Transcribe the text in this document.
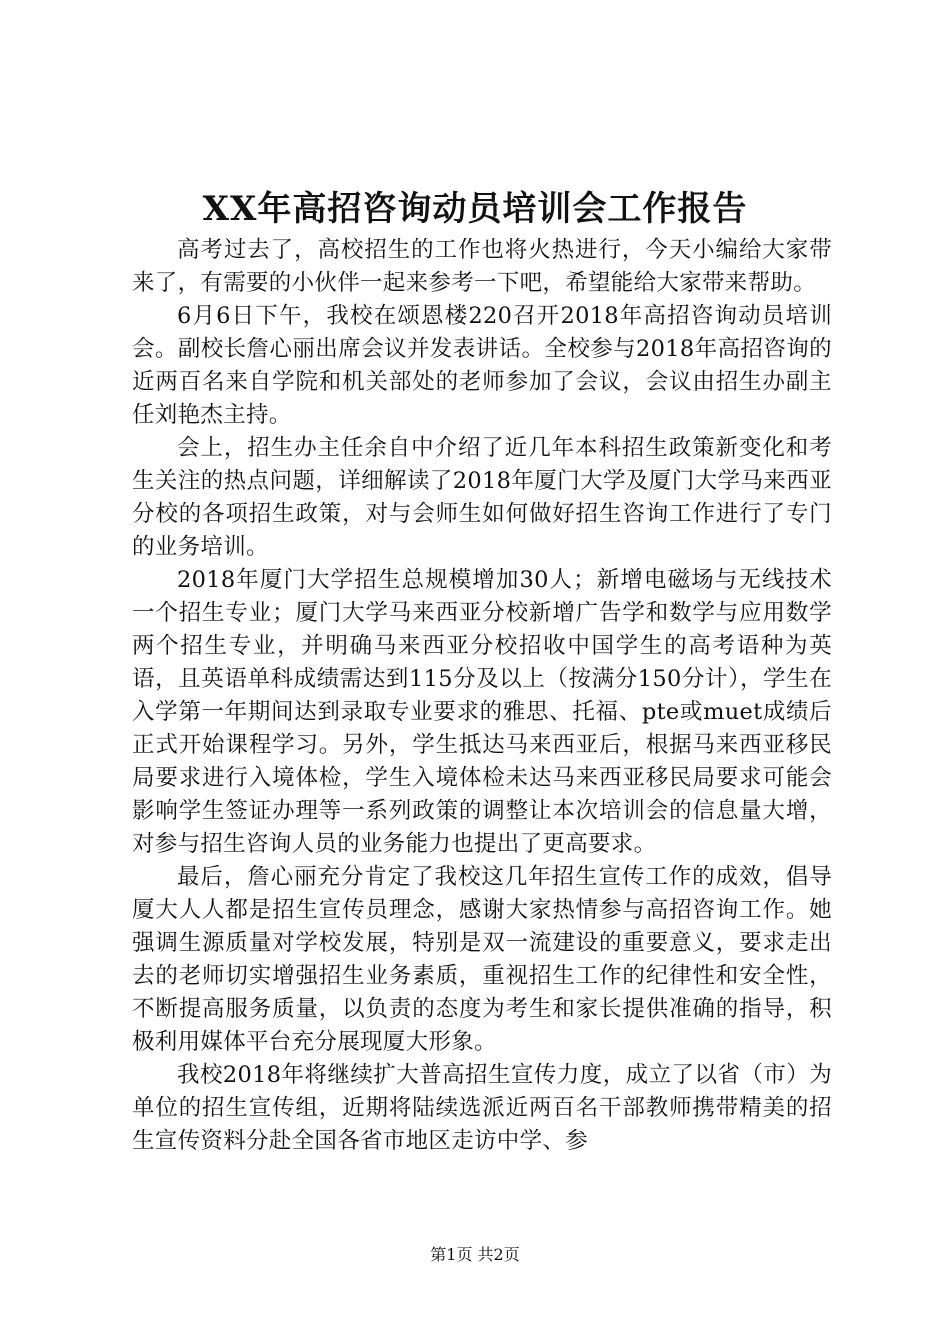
XX年高招咨询动员培训会工作报告

高考过去了，高校招生的工作也将火热进行，今天小编给大家带来了，有需要的小伙伴一起来参考一下吧，希望能给大家带来帮助。

6月6日下午，我校在颂恩楼220召开2018年高招咨询动员培训会。副校长詹心丽出席会议并发表讲话。全校参与2018年高招咨询的近两百名来自学院和机关部处的老师参加了会议，会议由招生办副主任刘艳杰主持。

会上，招生办主任余自中介绍了近几年本科招生政策新变化和考生关注的热点问题，详细解读了2018年厦门大学及厦门大学马来西亚分校的各项招生政策，对与会师生如何做好招生咨询工作进行了专门的业务培训。

2018年厦门大学招生总规模增加30人；新增电磁场与无线技术一个招生专业；厦门大学马来西亚分校新增广告学和数学与应用数学两个招生专业，并明确马来西亚分校招收中国学生的高考语种为英语，且英语单科成绩需达到115分及以上（按满分150分计），学生在入学第一年期间达到录取专业要求的雅思、托福、pte或muet成绩后正式开始课程学习。另外，学生抵达马来西亚后，根据马来西亚移民局要求进行入境体检，学生入境体检未达马来西亚移民局要求可能会影响学生签证办理等一系列政策的调整让本次培训会的信息量大增，对参与招生咨询人员的业务能力也提出了更高要求。

最后，詹心丽充分肯定了我校这几年招生宣传工作的成效，倡导厦大人人都是招生宣传员理念，感谢大家热情参与高招咨询工作。她强调生源质量对学校发展，特别是双一流建设的重要意义，要求走出去的老师切实增强招生业务素质，重视招生工作的纪律性和安全性，不断提高服务质量，以负责的态度为考生和家长提供准确的指导，积极利用媒体平台充分展现厦大形象。

我校2018年将继续扩大普高招生宣传力度，成立了以省（市）为单位的招生宣传组，近期将陆续选派近两百名干部教师携带精美的招生宣传资料分赴全国各省市地区走访中学、参

第1页 共2页
